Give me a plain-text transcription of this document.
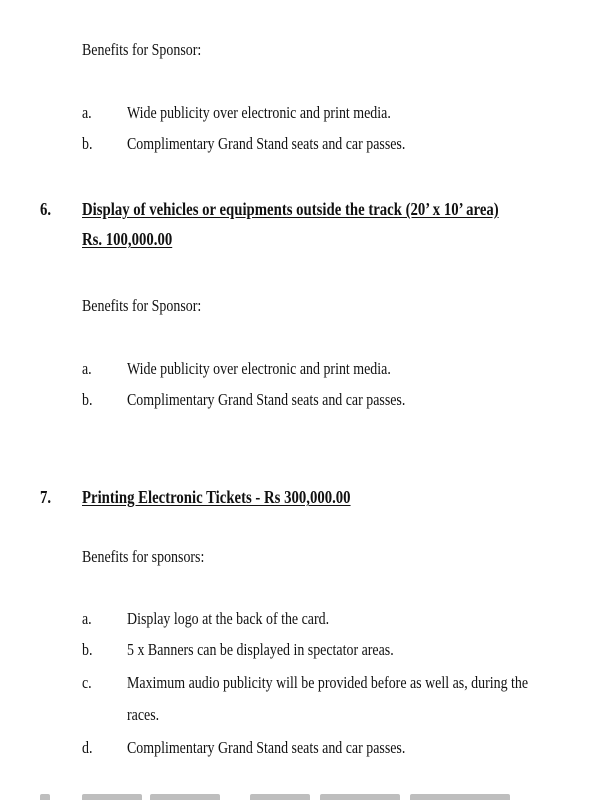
Benefits for Sponsor:
a. Wide publicity over electronic and print media.
b. Complimentary Grand Stand seats and car passes.
6. Display of vehicles or equipments outside the track (20’ x 10’ area)
Rs. 100,000.00
Benefits for Sponsor:
a. Wide publicity over electronic and print media.
b. Complimentary Grand Stand seats and car passes.
7. Printing Electronic Tickets - Rs 300,000.00
Benefits for sponsors:
a. Display logo at the back of the card.
b. 5 x Banners can be displayed in spectator areas.
c. Maximum audio publicity will be provided before as well as, during the
races.
d. Complimentary Grand Stand seats and car passes.
